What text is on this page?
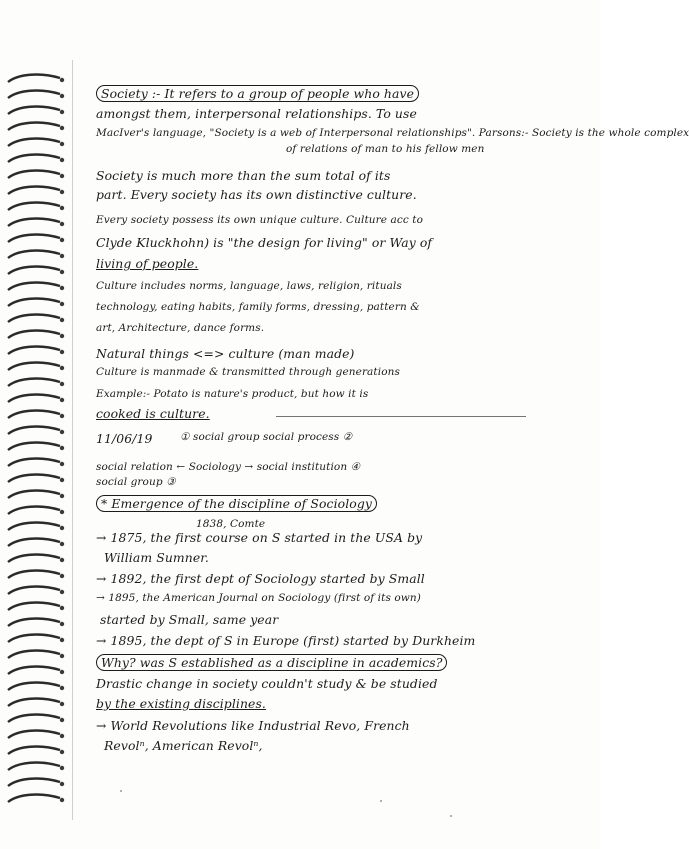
Society :- It refers to a group of people who have
amongst them, interpersonal relationships. To use
MacIver's language, "Society is a web of Interpersonal relationships". Parsons:- Society is the whole complex
of relations of man to his fellow men
Society is much more than the sum total of its
part. Every society has its own distinctive culture.
Every society possess its own unique culture. Culture acc to
Clyde Kluckhohn) is "the design for living" or Way of
living of people.
Culture includes norms, language, laws, religion, rituals
technology, eating habits, family forms, dressing, pattern &
art, Architecture, dance forms.
Natural things <=> culture (man made)
Culture is manmade & transmitted through generations
Example:- Potato is nature's product, but how it is
cooked is culture.
11/06/19	① social group social process ②
social relation ← Sociology → social institution ④
social group ③
* Emergence of the discipline of Sociology
1838, Comte
→ 1875, the first course on S started in the USA by
William Sumner.
→ 1892, the first dept of Sociology started by Small
→ 1895, the American Journal on Sociology (first of its own)
started by Small, same year
→ 1895, the dept of S in Europe (first) started by Durkheim
Why? was S established as a discipline in academics?
Drastic change in society couldn't study & be studied
by the existing disciplines.
→ World Revolutions like Industrial Revo, French
Revolⁿ, American Revolⁿ,
